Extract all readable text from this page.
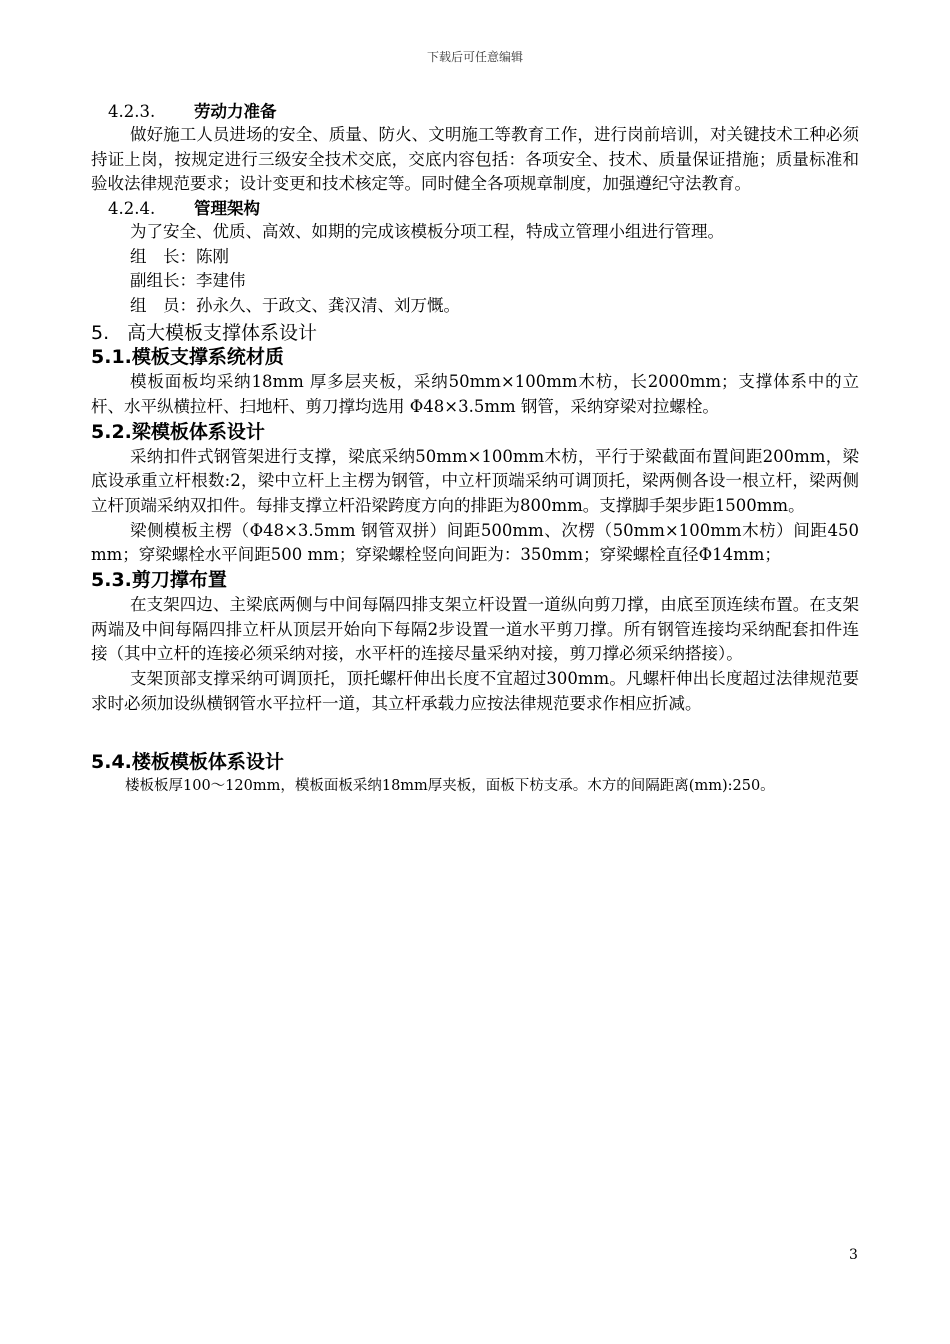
下载后可任意编辑
4.2.3. 劳动力准备

做好施工人员进场的安全、质量、防火、文明施工等教育工作，进行岗前培训，对关键技术工种必须持证上岗，按规定进行三级安全技术交底，交底内容包括：各项安全、技术、质量保证措施；质量标准和验收法律规范要求；设计变更和技术核定等。同时健全各项规章制度，加强遵纪守法教育。

4.2.4. 管理架构
为了安全、优质、高效、如期的完成该模板分项工程，特成立管理小组进行管理。
组　长：陈刚
副组长：李建伟
组　员：孙永久、于政文、龚汉清、刘万慨。
5. 高大模板支撑体系设计
5.1.模板支撑系统材质

模板面板均采纳18mm 厚多层夹板，采纳50mm×100mm木枋，长2000mm；支撑体系中的立杆、水平纵横拉杆、扫地杆、剪刀撑均选用 Φ48×3.5mm 钢管，采纳穿梁对拉螺栓。

5.2.梁模板体系设计

采纳扣件式钢管架进行支撑，梁底采纳50mm×100mm木枋，平行于梁截面布置间距200mm，梁底设承重立杆根数:2，梁中立杆上主楞为钢管，中立杆顶端采纳可调顶托，梁两侧各设一根立杆，梁两侧立杆顶端采纳双扣件。每排支撑立杆沿梁跨度方向的排距为800mm。支撑脚手架步距1500mm。

梁侧模板主楞（Φ48×3.5mm 钢管双拼）间距500mm、次楞（50mm×100mm木枋）间距450 mm；穿梁螺栓水平间距500 mm；穿梁螺栓竖向间距为：350mm；穿梁螺栓直径Φ14mm；

5.3.剪刀撑布置

在支架四边、主梁底两侧与中间每隔四排支架立杆设置一道纵向剪刀撑，由底至顶连续布置。在支架两端及中间每隔四排立杆从顶层开始向下每隔2步设置一道水平剪刀撑。所有钢管连接均采纳配套扣件连接（其中立杆的连接必须采纳对接，水平杆的连接尽量采纳对接，剪刀撑必须采纳搭接）。

支架顶部支撑采纳可调顶托，顶托螺杆伸出长度不宜超过300mm。凡螺杆伸出长度超过法律规范要求时必须加设纵横钢管水平拉杆一道，其立杆承载力应按法律规范要求作相应折减。

5.4.楼板模板体系设计
楼板板厚100～120mm，模板面板采纳18mm厚夹板，面板下枋支承。木方的间隔距离(mm):250。
3
